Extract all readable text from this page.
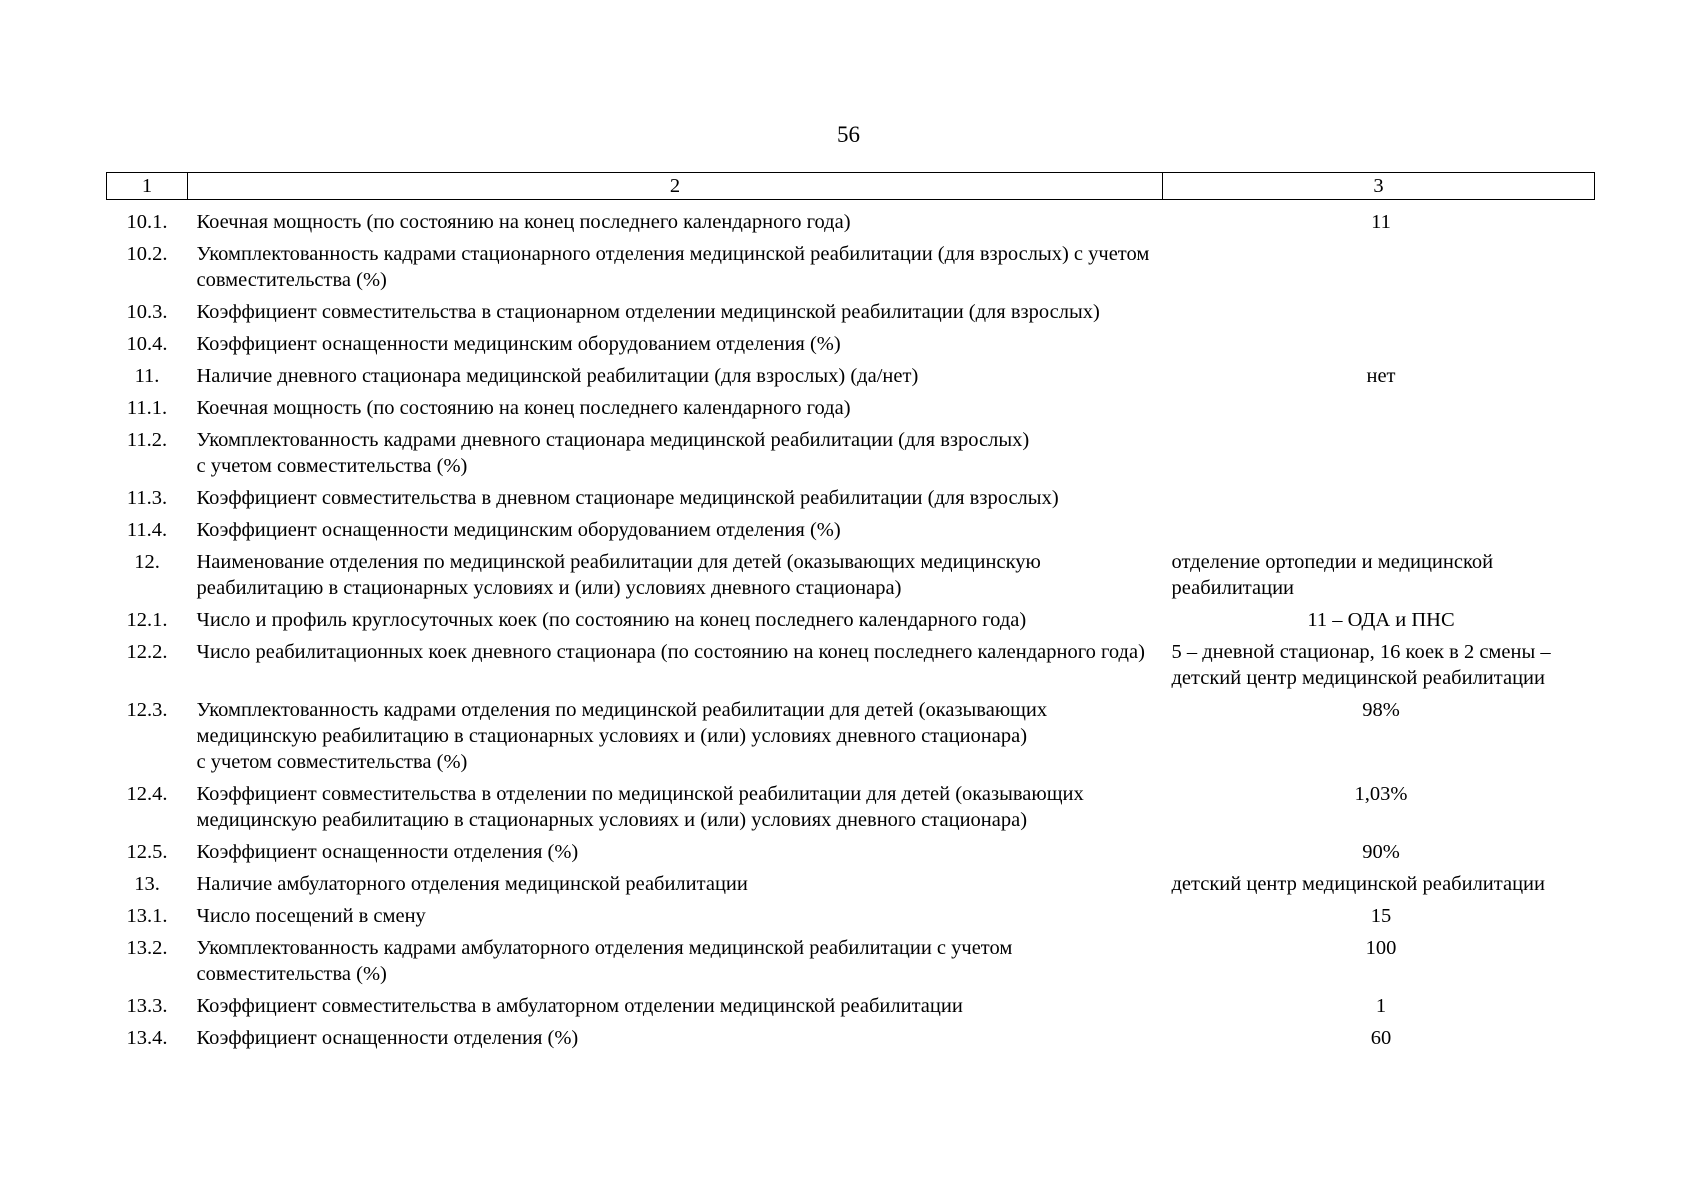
56
1	2	3
10.1.	Коечная мощность (по состоянию на конец последнего календарного года)	11
10.2.	Укомплектованность кадрами стационарного отделения медицинской реабилитации (для взрослых) с учетом совместительства (%)	
10.3.	Коэффициент совместительства в стационарном отделении медицинской реабилитации (для взрослых)	
10.4.	Коэффициент оснащенности медицинским оборудованием отделения (%)	
11.	Наличие дневного стационара медицинской реабилитации (для взрослых) (да/нет)	нет
11.1.	Коечная мощность (по состоянию на конец последнего календарного года)	
11.2.	Укомплектованность кадрами дневного стационара медицинской реабилитации (для взрослых)
с учетом совместительства (%)	
11.3.	Коэффициент совместительства в дневном стационаре медицинской реабилитации (для взрослых)	
11.4.	Коэффициент оснащенности медицинским оборудованием отделения (%)	
12.	Наименование отделения по медицинской реабилитации для детей (оказывающих медицинскую реабилитацию в стационарных условиях и (или) условиях дневного стационара)	отделение ортопедии и медицинской реабилитации
12.1.	Число и профиль круглосуточных коек (по состоянию на конец последнего календарного года)	11 – ОДА и ПНС
12.2.	Число реабилитационных коек дневного стационара (по состоянию на конец последнего календарного года)	5 – дневной стационар, 16 коек в 2 смены – детский центр медицинской реабилитации
12.3.	Укомплектованность кадрами отделения по медицинской реабилитации для детей (оказывающих медицинскую реабилитацию в стационарных условиях и (или) условиях дневного стационара)
с учетом совместительства (%)	98%
12.4.	Коэффициент совместительства в отделении по медицинской реабилитации для детей (оказывающих медицинскую реабилитацию в стационарных условиях и (или) условиях дневного стационара)	1,03%
12.5.	Коэффициент оснащенности отделения (%)	90%
13.	Наличие амбулаторного отделения медицинской реабилитации	детский центр медицинской реабилитации
13.1.	Число посещений в смену	15
13.2.	Укомплектованность кадрами амбулаторного отделения медицинской реабилитации с учетом совместительства (%)	100
13.3.	Коэффициент совместительства в амбулаторном отделении медицинской реабилитации	1
13.4.	Коэффициент оснащенности отделения (%)	60
